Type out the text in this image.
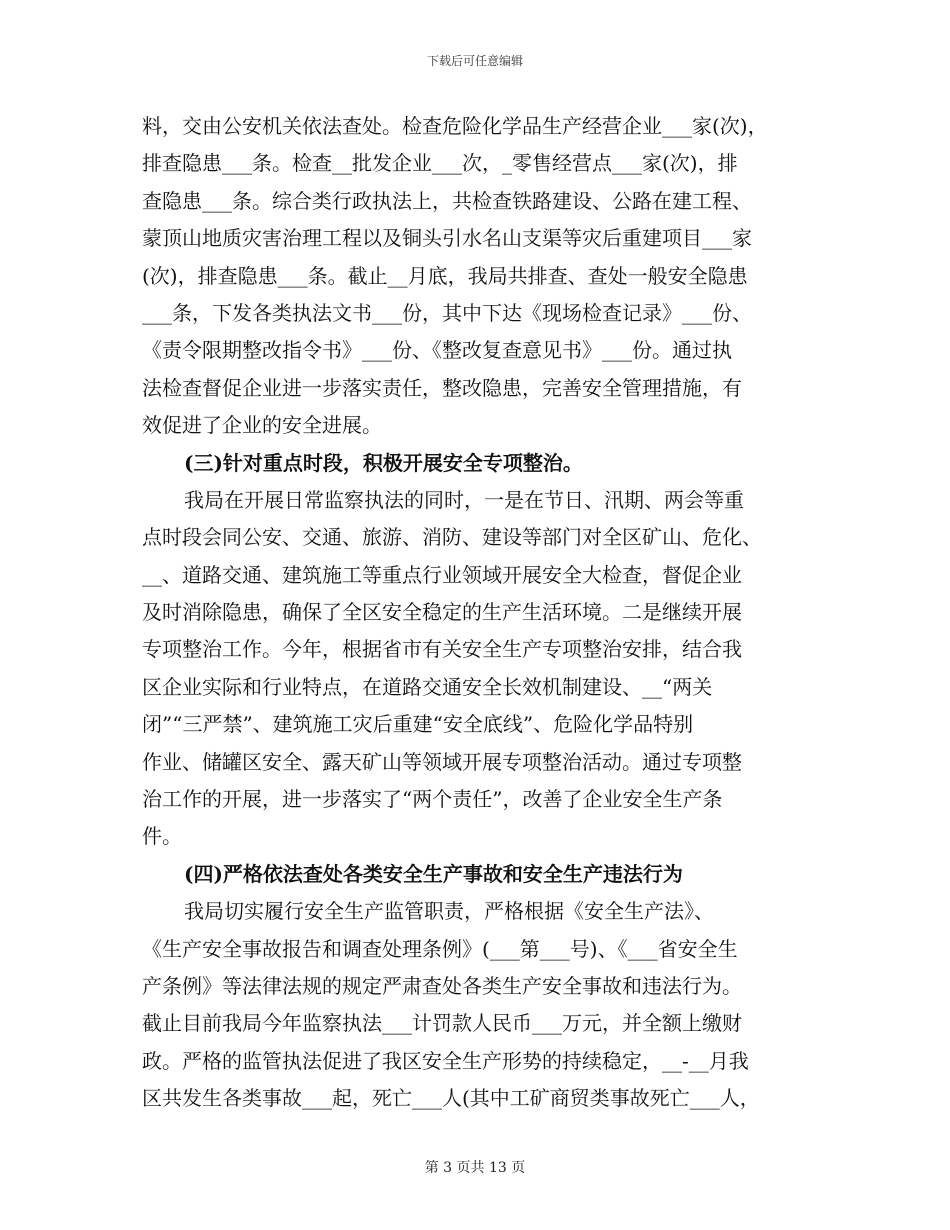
下载后可任意编辑
料，交由公安机关依法查处。检查危险化学品生产经营企业___家(次)，
排查隐患___条。检查__批发企业___次，_零售经营点___家(次)，排
查隐患___条。综合类行政执法上，共检查铁路建设、公路在建工程、
蒙顶山地质灾害治理工程以及铜头引水名山支渠等灾后重建项目___家
(次)，排查隐患___条。截止__月底，我局共排查、查处一般安全隐患
___条，下发各类执法文书___份，其中下达《现场检查记录》___份、
《责令限期整改指令书》___份、《整改复查意见书》___份。通过执
法检查督促企业进一步落实责任，整改隐患，完善安全管理措施，有
效促进了企业的安全进展。
(三)针对重点时段，积极开展安全专项整治。
我局在开展日常监察执法的同时，一是在节日、汛期、两会等重
点时段会同公安、交通、旅游、消防、建设等部门对全区矿山、危化、
__、道路交通、建筑施工等重点行业领域开展安全大检查，督促企业
及时消除隐患，确保了全区安全稳定的生产生活环境。二是继续开展
专项整治工作。今年，根据省市有关安全生产专项整治安排，结合我
区企业实际和行业特点，在道路交通安全长效机制建设、__“两关
闭”“三严禁”、建筑施工灾后重建“安全底线”、危险化学品特别
作业、储罐区安全、露天矿山等领域开展专项整治活动。通过专项整
治工作的开展，进一步落实了“两个责任”，改善了企业安全生产条
件。
(四)严格依法查处各类安全生产事故和安全生产违法行为
我局切实履行安全生产监管职责，严格根据《安全生产法》、
《生产安全事故报告和调查处理条例》(___第___号)、《___省安全生
产条例》等法律法规的规定严肃查处各类生产安全事故和违法行为。
截止目前我局今年监察执法___计罚款人民币___万元，并全额上缴财
政。严格的监管执法促进了我区安全生产形势的持续稳定，__-__月我
区共发生各类事故___起，死亡___人(其中工矿商贸类事故死亡___人，
第 3 页共 13 页
